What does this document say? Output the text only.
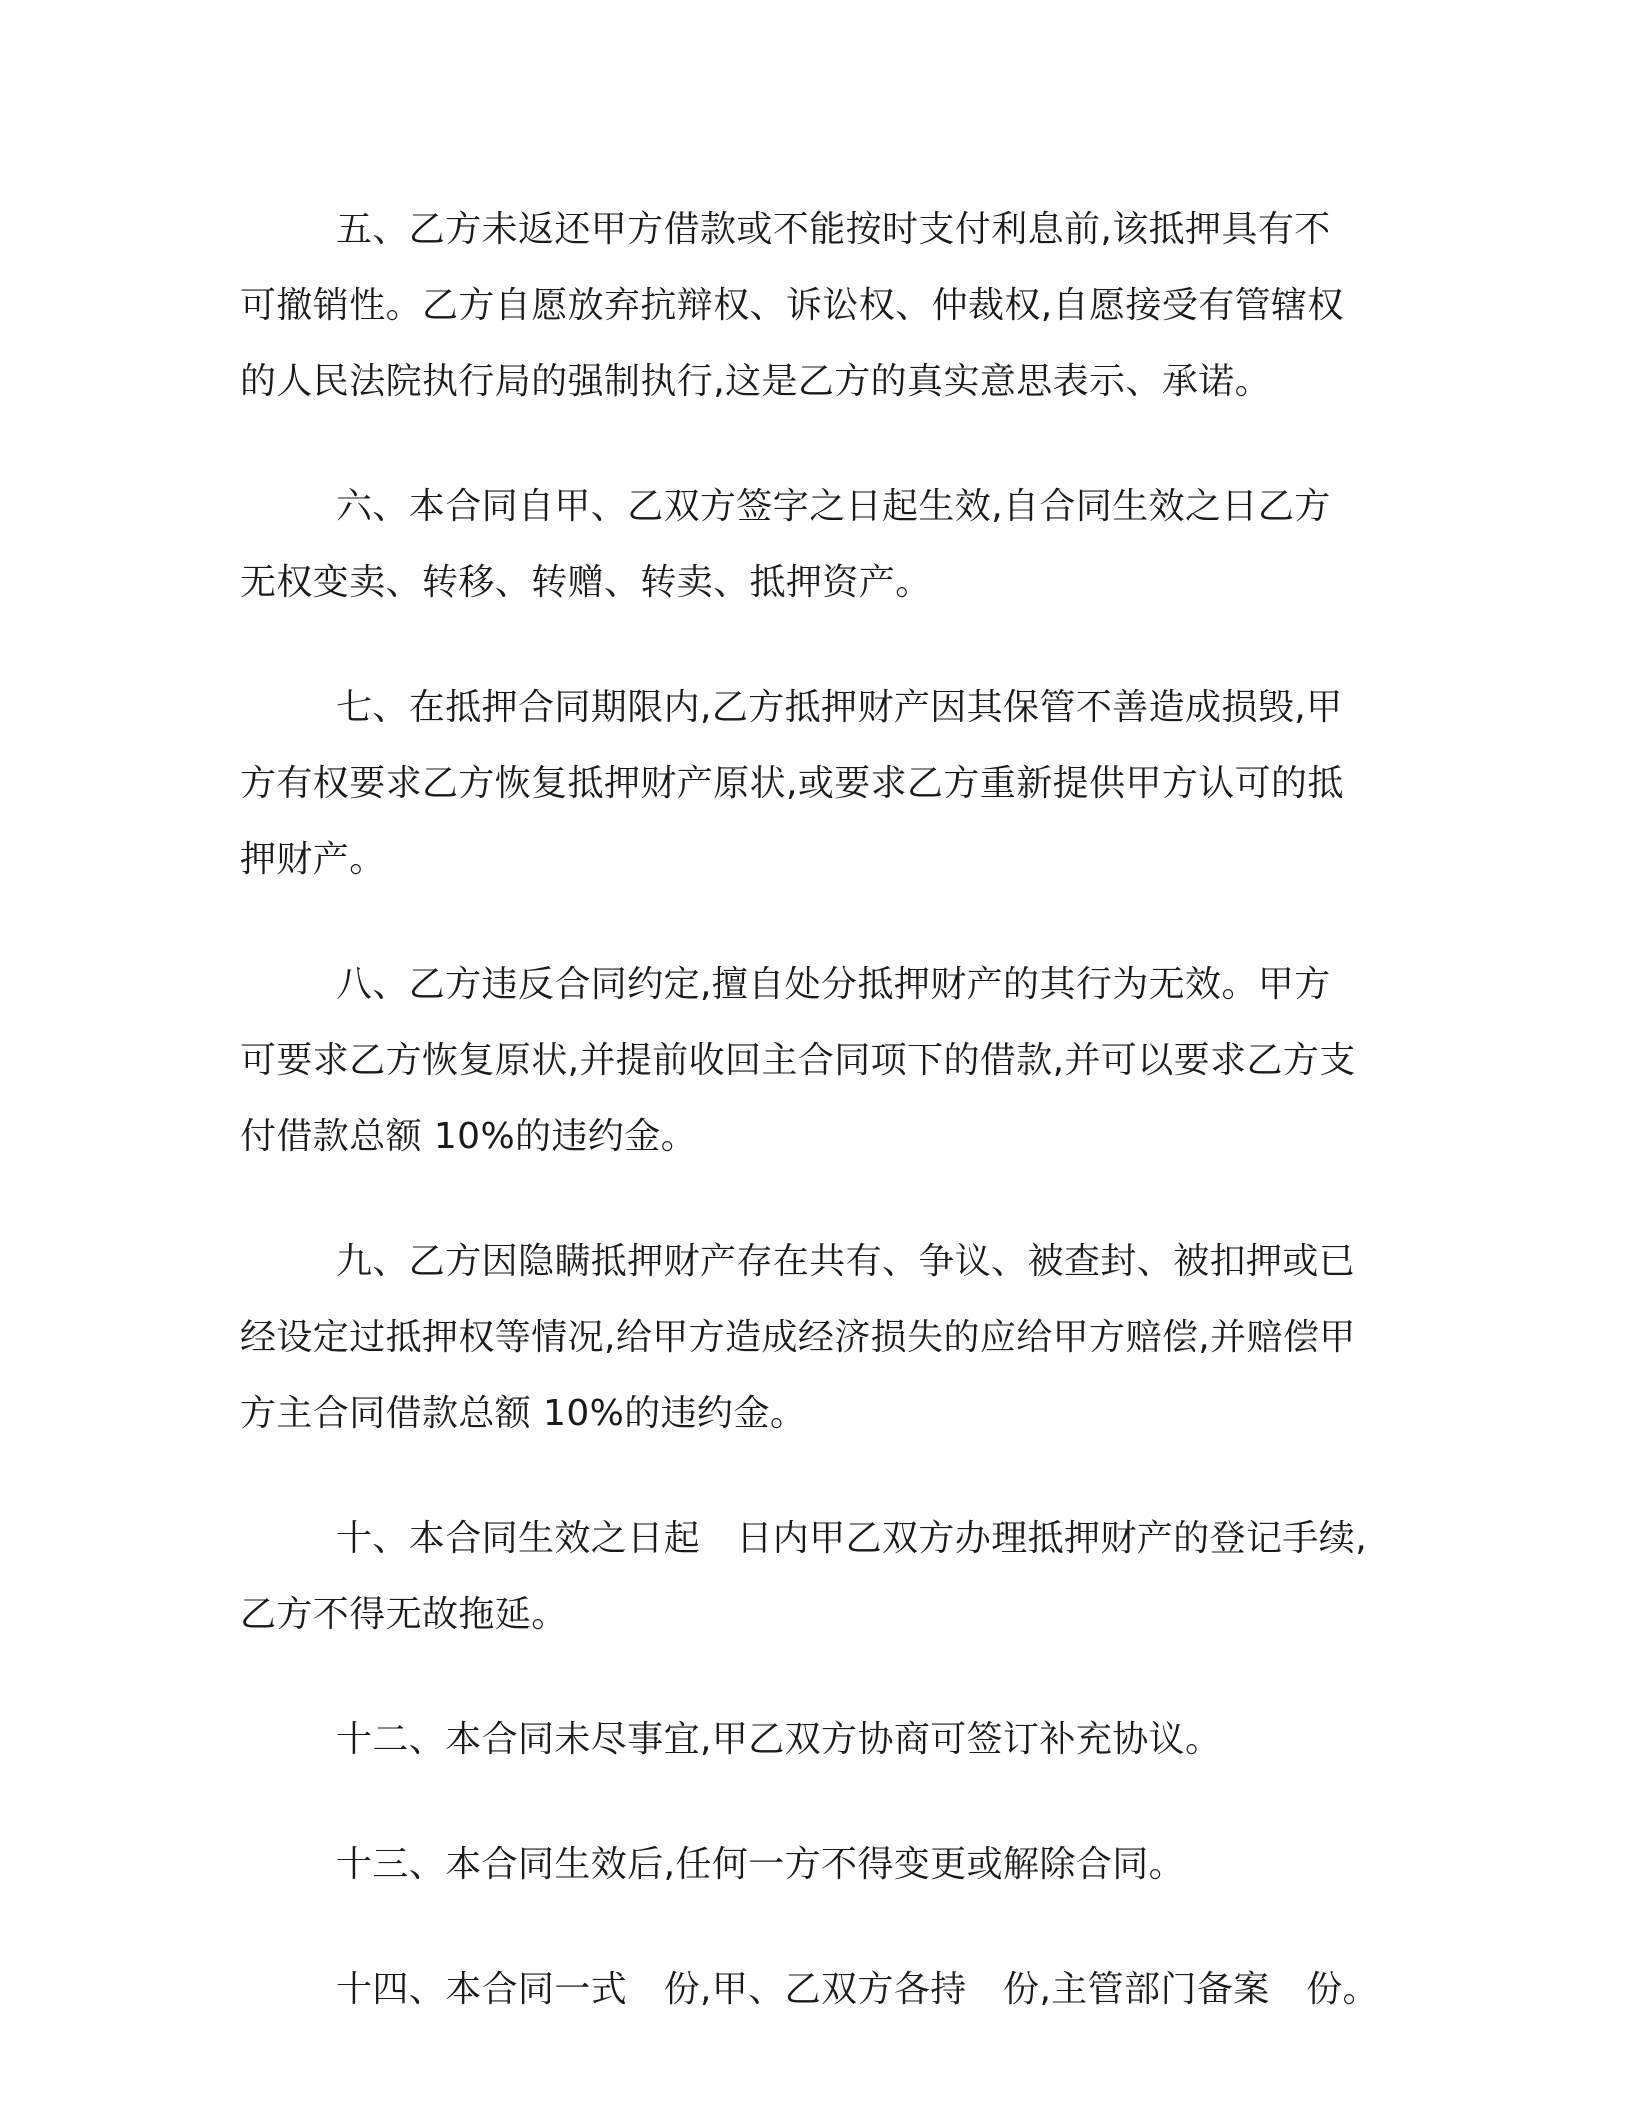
五、乙方未返还甲方借款或不能按时支付利息前,该抵押具有不
可撤销性。乙方自愿放弃抗辩权、诉讼权、仲裁权,自愿接受有管辖权
的人民法院执行局的强制执行,这是乙方的真实意思表示、承诺。
六、本合同自甲、乙双方签字之日起生效,自合同生效之日乙方
无权变卖、转移、转赠、转卖、抵押资产。
七、在抵押合同期限内,乙方抵押财产因其保管不善造成损毁,甲
方有权要求乙方恢复抵押财产原状,或要求乙方重新提供甲方认可的抵
押财产。
八、乙方违反合同约定,擅自处分抵押财产的其行为无效。甲方
可要求乙方恢复原状,并提前收回主合同项下的借款,并可以要求乙方支
付借款总额 10%的违约金。
九、乙方因隐瞒抵押财产存在共有、争议、被查封、被扣押或已
经设定过抵押权等情况,给甲方造成经济损失的应给甲方赔偿,并赔偿甲
方主合同借款总额 10%的违约金。
十、本合同生效之日起　日内甲乙双方办理抵押财产的登记手续,
乙方不得无故拖延。
十二、本合同未尽事宜,甲乙双方协商可签订补充协议。
十三、本合同生效后,任何一方不得变更或解除合同。
十四、本合同一式　份,甲、乙双方各持　份,主管部门备案　份。
